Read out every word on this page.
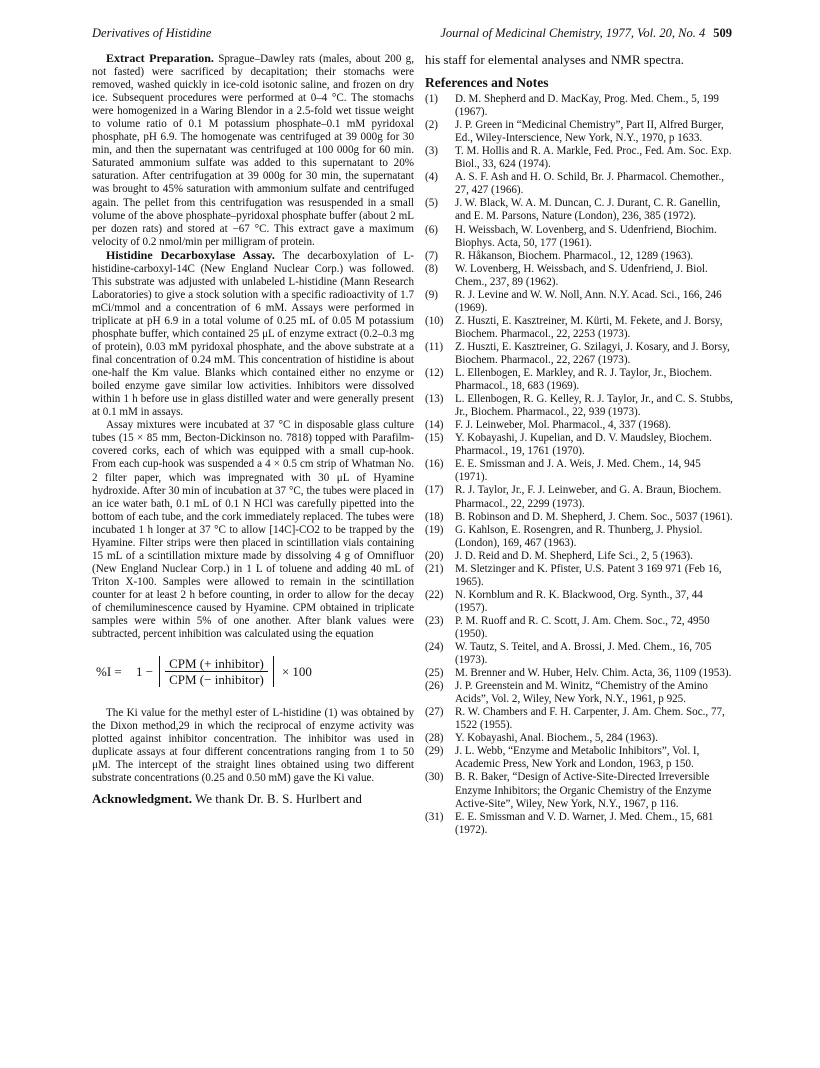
Derivatives of Histidine	Journal of Medicinal Chemistry, 1977, Vol. 20, No. 4 509

Extract Preparation. Sprague–Dawley rats (males, about 200 g, not fasted) were sacrificed by decapitation; their stomachs were removed, washed quickly in ice-cold isotonic saline, and frozen on dry ice. Subsequent procedures were performed at 0–4 °C. The stomachs were homogenized in a Waring Blendor in a 2.5-fold wet tissue weight to volume ratio of 0.1 M potassium phosphate–0.1 mM pyridoxal phosphate, pH 6.9. The homogenate was centrifuged at 39 000g for 30 min, and then the supernatant was centrifuged at 100 000g for 60 min. Saturated ammonium sulfate was added to this supernatant to 20% saturation. After centrifugation at 39 000g for 30 min, the supernatant was brought to 45% saturation with ammonium sulfate and centrifuged again. The pellet from this centrifugation was resuspended in a small volume of the above phosphate–pyridoxal phosphate buffer (about 2 mL per dozen rats) and stored at −67 °C. This extract gave a maximum velocity of 0.2 nmol/min per milligram of protein.

Histidine Decarboxylase Assay. The decarboxylation of L-histidine-carboxyl-14C (New England Nuclear Corp.) was followed. This substrate was adjusted with unlabeled L-histidine (Mann Research Laboratories) to give a stock solution with a specific radioactivity of 1.7 mCi/mmol and a concentration of 6 mM. Assays were performed in triplicate at pH 6.9 in a total volume of 0.25 mL of 0.05 M potassium phosphate buffer, which contained 25 μL of enzyme extract (0.2–0.3 mg of protein), 0.03 mM pyridoxal phosphate, and the above substrate at a final concentration of 0.24 mM. This concentration of histidine is about one-half the Km value. Blanks which contained either no enzyme or boiled enzyme gave similar low activities. Inhibitors were dissolved within 1 h before use in glass distilled water and were generally present at 0.1 mM in assays.

Assay mixtures were incubated at 37 °C in disposable glass culture tubes (15 × 85 mm, Becton-Dickinson no. 7818) topped with Parafilm-covered corks, each of which was equipped with a small cup-hook. From each cup-hook was suspended a 4 × 0.5 cm strip of Whatman No. 2 filter paper, which was impregnated with 30 μL of Hyamine hydroxide. After 30 min of incubation at 37 °C, the tubes were placed in an ice water bath, 0.1 mL of 0.1 N HCl was carefully pipetted into the bottom of each tube, and the cork immediately replaced. The tubes were incubated 1 h longer at 37 °C to allow [14C]-CO2 to be trapped by the Hyamine. Filter strips were then placed in scintillation vials containing 15 mL of a scintillation mixture made by dissolving 4 g of Omnifluor (New England Nuclear Corp.) in 1 L of toluene and adding 40 mL of Triton X-100. Samples were allowed to remain in the scintillation counter for at least 2 h before counting, in order to allow for the decay of chemiluminescence caused by Hyamine. CPM obtained in triplicate samples were within 5% of one another. After blank values were subtracted, percent inhibition was calculated using the equation

%I =	$1 - \frac{\text{CPM (+ inhibitor)}}{\text{CPM (− inhibitor)}} \times 100$

The Ki value for the methyl ester of L-histidine (1) was obtained by the Dixon method,29 in which the reciprocal of enzyme activity was plotted against inhibitor concentration. The inhibitor was used in duplicate assays at four different concentrations ranging from 1 to 50 μM. The intercept of the straight lines obtained using two different substrate concentrations (0.25 and 0.50 mM) gave the Ki value.

Acknowledgment. We thank Dr. B. S. Hurlbert and

his staff for elemental analyses and NMR spectra.

References and Notes
(1)	D. M. Shepherd and D. MacKay, Prog. Med. Chem., 5, 199 (1967).
(2)	J. P. Green in “Medicinal Chemistry”, Part II, Alfred Burger, Ed., Wiley-Interscience, New York, N.Y., 1970, p 1633.
(3)	T. M. Hollis and R. A. Markle, Fed. Proc., Fed. Am. Soc. Exp. Biol., 33, 624 (1974).
(4)	A. S. F. Ash and H. O. Schild, Br. J. Pharmacol. Chemother., 27, 427 (1966).
(5)	J. W. Black, W. A. M. Duncan, C. J. Durant, C. R. Ganellin, and E. M. Parsons, Nature (London), 236, 385 (1972).
(6)	H. Weissbach, W. Lovenberg, and S. Udenfriend, Biochim. Biophys. Acta, 50, 177 (1961).
(7)	R. Håkanson, Biochem. Pharmacol., 12, 1289 (1963).
(8)	W. Lovenberg, H. Weissbach, and S. Udenfriend, J. Biol. Chem., 237, 89 (1962).
(9)	R. J. Levine and W. W. Noll, Ann. N.Y. Acad. Sci., 166, 246 (1969).
(10)	Z. Huszti, E. Kasztreiner, M. Kürti, M. Fekete, and J. Borsy, Biochem. Pharmacol., 22, 2253 (1973).
(11)	Z. Huszti, E. Kasztreiner, G. Szilagyi, J. Kosary, and J. Borsy, Biochem. Pharmacol., 22, 2267 (1973).
(12)	L. Ellenbogen, E. Markley, and R. J. Taylor, Jr., Biochem. Pharmacol., 18, 683 (1969).
(13)	L. Ellenbogen, R. G. Kelley, R. J. Taylor, Jr., and C. S. Stubbs, Jr., Biochem. Pharmacol., 22, 939 (1973).
(14)	F. J. Leinweber, Mol. Pharmacol., 4, 337 (1968).
(15)	Y. Kobayashi, J. Kupelian, and D. V. Maudsley, Biochem. Pharmacol., 19, 1761 (1970).
(16)	E. E. Smissman and J. A. Weis, J. Med. Chem., 14, 945 (1971).
(17)	R. J. Taylor, Jr., F. J. Leinweber, and G. A. Braun, Biochem. Pharmacol., 22, 2299 (1973).
(18)	B. Robinson and D. M. Shepherd, J. Chem. Soc., 5037 (1961).
(19)	G. Kahlson, E. Rosengren, and R. Thunberg, J. Physiol. (London), 169, 467 (1963).
(20)	J. D. Reid and D. M. Shepherd, Life Sci., 2, 5 (1963).
(21)	M. Sletzinger and K. Pfister, U.S. Patent 3 169 971 (Feb 16, 1965).
(22)	N. Kornblum and R. K. Blackwood, Org. Synth., 37, 44 (1957).
(23)	P. M. Ruoff and R. C. Scott, J. Am. Chem. Soc., 72, 4950 (1950).
(24)	W. Tautz, S. Teitel, and A. Brossi, J. Med. Chem., 16, 705 (1973).
(25)	M. Brenner and W. Huber, Helv. Chim. Acta, 36, 1109 (1953).
(26)	J. P. Greenstein and M. Winitz, “Chemistry of the Amino Acids”, Vol. 2, Wiley, New York, N.Y., 1961, p 925.
(27)	R. W. Chambers and F. H. Carpenter, J. Am. Chem. Soc., 77, 1522 (1955).
(28)	Y. Kobayashi, Anal. Biochem., 5, 284 (1963).
(29)	J. L. Webb, “Enzyme and Metabolic Inhibitors”, Vol. I, Academic Press, New York and London, 1963, p 150.
(30)	B. R. Baker, “Design of Active-Site-Directed Irreversible Enzyme Inhibitors; the Organic Chemistry of the Enzyme Active-Site”, Wiley, New York, N.Y., 1967, p 116.
(31)	E. E. Smissman and V. D. Warner, J. Med. Chem., 15, 681 (1972).
